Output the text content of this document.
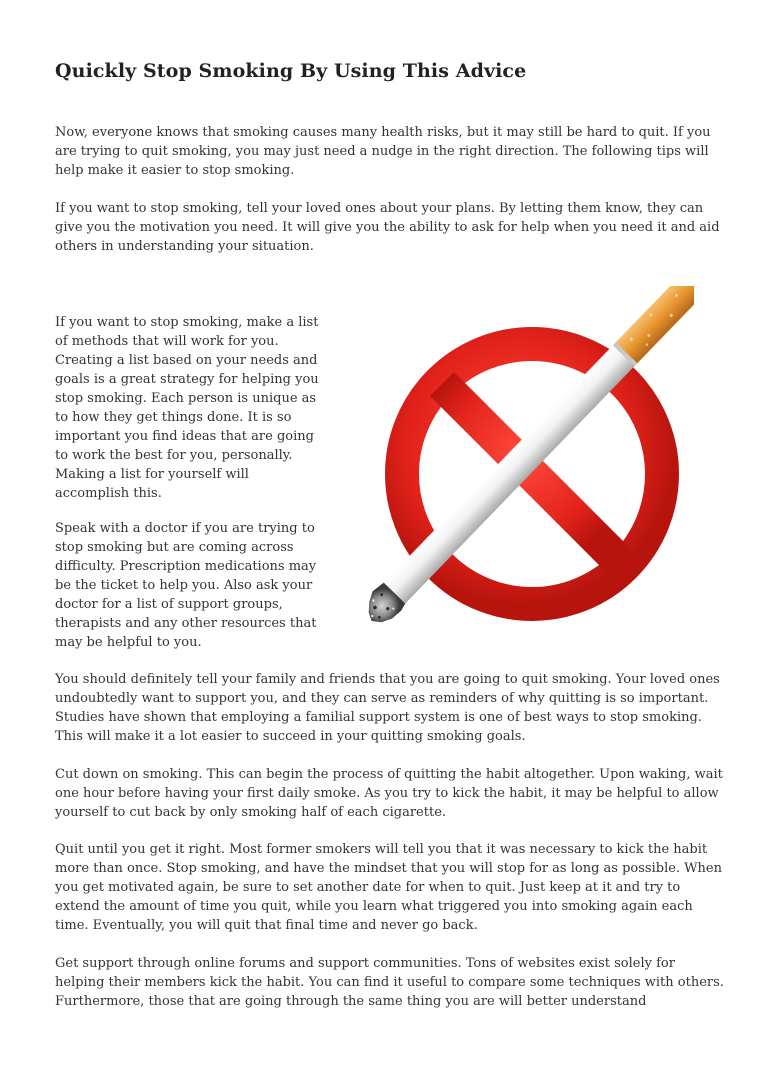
Quickly Stop Smoking By Using This Advice

Now, everyone knows that smoking causes many health risks, but it may still be hard to quit. If you are trying to quit smoking, you may just need a nudge in the right direction. The following tips will help make it easier to stop smoking.

If you want to stop smoking, tell your loved ones about your plans. By letting them know, they can give you the motivation you need. It will give you the ability to ask for help when you need it and aid others in understanding your situation.

If you want to stop smoking, make a list of methods that will work for you. Creating a list based on your needs and goals is a great strategy for helping you stop smoking. Each person is unique as to how they get things done. It is so important you find ideas that are going to work the best for you, personally. Making a list for yourself will accomplish this.

Speak with a doctor if you are trying to stop smoking but are coming across difficulty. Prescription medications may be the ticket to help you. Also ask your doctor for a list of support groups, therapists and any other resources that may be helpful to you.

You should definitely tell your family and friends that you are going to quit smoking. Your loved ones undoubtedly want to support you, and they can serve as reminders of why quitting is so important. Studies have shown that employing a familial support system is one of best ways to stop smoking. This will make it a lot easier to succeed in your quitting smoking goals.

Cut down on smoking. This can begin the process of quitting the habit altogether. Upon waking, wait one hour before having your first daily smoke. As you try to kick the habit, it may be helpful to allow yourself to cut back by only smoking half of each cigarette.

Quit until you get it right. Most former smokers will tell you that it was necessary to kick the habit more than once. Stop smoking, and have the mindset that you will stop for as long as possible. When you get motivated again, be sure to set another date for when to quit. Just keep at it and try to extend the amount of time you quit, while you learn what triggered you into smoking again each time. Eventually, you will quit that final time and never go back.

Get support through online forums and support communities. Tons of websites exist solely for helping their members kick the habit. You can find it useful to compare some techniques with others. Furthermore, those that are going through the same thing you are will better understand
